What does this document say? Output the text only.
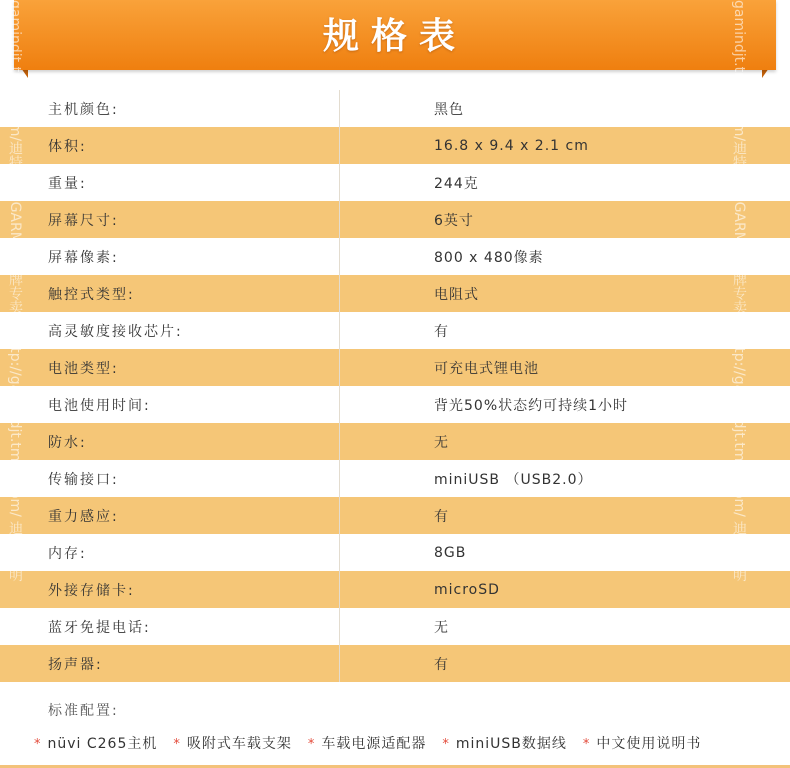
规格表
主机颜色:	黑色
体积:	16.8 x 9.4 x 2.1 cm
重量:	244克
屏幕尺寸:	6英寸
屏幕像素:	800 x 480像素
触控式类型:	电阻式
高灵敏度接收芯片:	有
电池类型:	可充电式锂电池
电池使用时间:	背光50%状态约可持续1小时
防水:	无
传输接口:	miniUSB （USB2.0）
重力感应:	有
内存:	8GB
外接存储卡:	microSD
蓝牙免提电话:	无
扬声器:	有
gamindjt.tmall.com/迪特·佳明GARMIN品牌专卖店 http://gamindjt.tmall.com/ 迪特·佳明	gamindjt.tmall.com/迪特·佳明GARMIN品牌专卖店 http://gamindjt.tmall.com/ 迪特·佳明
标准配置:
* nüvi C265主机 * 吸附式车载支架 * 车载电源适配器 * miniUSB数据线 * 中文使用说明书
